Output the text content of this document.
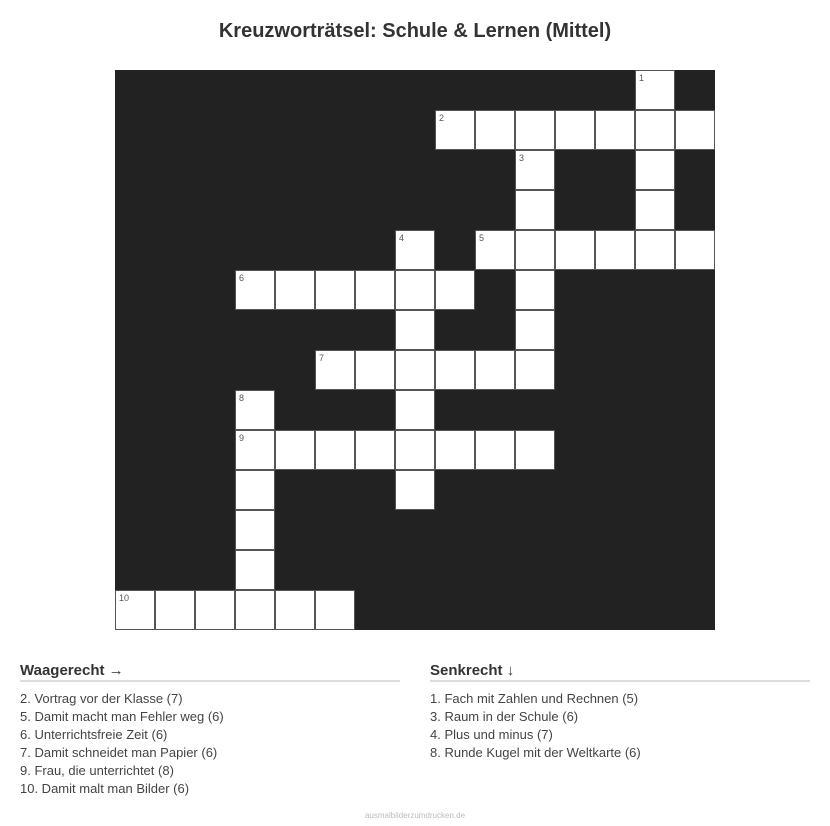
Kreuzworträtsel: Schule & Lernen (Mittel)
1
2
3
4	5
6
7
8
9
10
Waagerecht →
2. Vortrag vor der Klasse (7)
5. Damit macht man Fehler weg (6)
6. Unterrichtsfreie Zeit (6)
7. Damit schneidet man Papier (6)
9. Frau, die unterrichtet (8)
10. Damit malt man Bilder (6)
Senkrecht ↓
1. Fach mit Zahlen und Rechnen (5)
3. Raum in der Schule (6)
4. Plus und minus (7)
8. Runde Kugel mit der Weltkarte (6)
ausmalbilderzumdrucken.de
